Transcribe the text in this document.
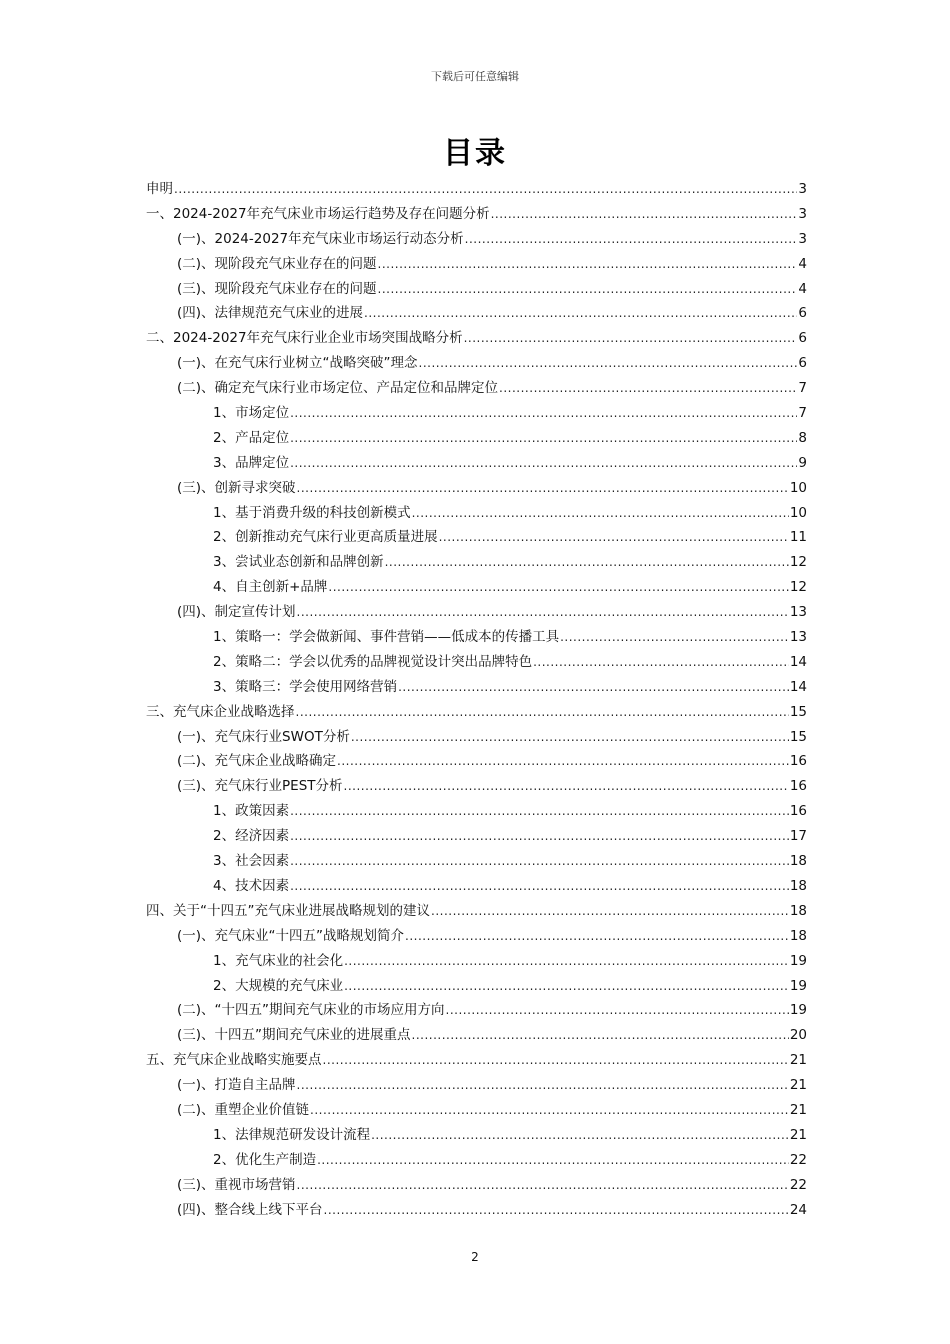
下载后可任意编辑
目录
申明 .....	3
一、2024-2027年充气床业市场运行趋势及存在问题分析 .....	3
(一)、2024-2027年充气床业市场运行动态分析 .....	3
(二)、现阶段充气床业存在的问题 .....	4
(三)、现阶段充气床业存在的问题 .....	4
(四)、法律规范充气床业的进展 .....	6
二、2024-2027年充气床行业企业市场突围战略分析 .....	6
(一)、在充气床行业树立“战略突破”理念 .....	6
(二)、确定充气床行业市场定位、产品定位和品牌定位 .....	7
1、市场定位 .....	7
2、产品定位 .....	8
3、品牌定位 .....	9
(三)、创新寻求突破 .....	10
1、基于消费升级的科技创新模式 .....	10
2、创新推动充气床行业更高质量进展 .....	11
3、尝试业态创新和品牌创新 .....	12
4、自主创新+品牌 .....	12
(四)、制定宣传计划 .....	13
1、策略一：学会做新闻、事件营销——低成本的传播工具 .....	13
2、策略二：学会以优秀的品牌视觉设计突出品牌特色 .....	14
3、策略三：学会使用网络营销 .....	14
三、充气床企业战略选择 .....	15
(一)、充气床行业SWOT分析 .....	15
(二)、充气床企业战略确定 .....	16
(三)、充气床行业PEST分析 .....	16
1、政策因素 .....	16
2、经济因素 .....	17
3、社会因素 .....	18
4、技术因素 .....	18
四、关于“十四五”充气床业进展战略规划的建议 .....	18
(一)、充气床业“十四五”战略规划简介 .....	18
1、充气床业的社会化 .....	19
2、大规模的充气床业 .....	19
(二)、“十四五”期间充气床业的市场应用方向 .....	19
(三)、十四五”期间充气床业的进展重点 .....	20
五、充气床企业战略实施要点 .....	21
(一)、打造自主品牌 .....	21
(二)、重塑企业价值链 .....	21
1、法律规范研发设计流程 .....	21
2、优化生产制造 .....	22
(三)、重视市场营销 .....	22
(四)、整合线上线下平台 .....	24
2
